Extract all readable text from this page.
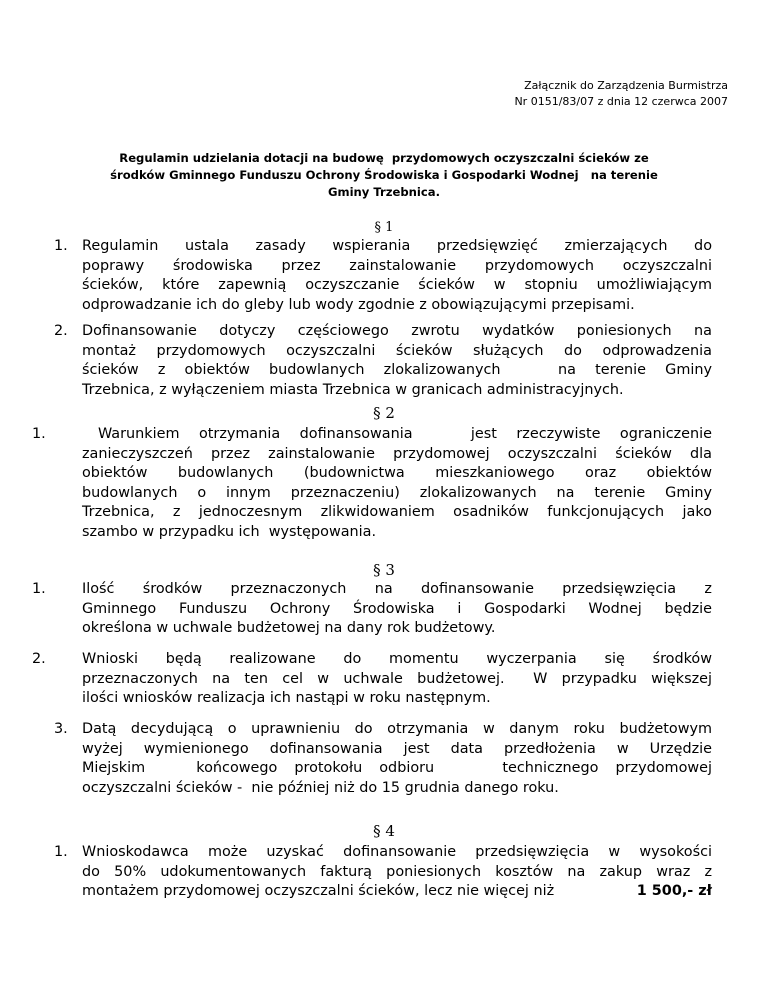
Załącznik do Zarządzenia Burmistrza
Nr 0151/83/07 z dnia 12 czerwca 2007
Regulamin udzielania dotacji na budowę  przydomowych oczyszczalni ścieków ze
środków Gminnego Funduszu Ochrony Środowiska i Gospodarki Wodnej   na terenie
Gminy Trzebnica.
§ 1
1. Regulamin ustala zasady wspierania przedsięwzięć zmierzających do
poprawy środowiska przez zainstalowanie przydomowych oczyszczalni
ścieków, które zapewnią oczyszczanie ścieków w stopniu umożliwiającym
odprowadzanie ich do gleby lub wody zgodnie z obowiązującymi przepisami.
2. Dofinansowanie dotyczy częściowego zwrotu wydatków poniesionych na
montaż przydomowych oczyszczalni ścieków służących do odprowadzenia
ścieków z obiektów budowlanych zlokalizowanych   na terenie Gminy
Trzebnica, z wyłączeniem miasta Trzebnica w granicach administracyjnych.
§ 2
1.	Warunkiem otrzymania dofinansowania   jest rzeczywiste ograniczenie
zanieczyszczeń przez zainstalowanie przydomowej oczyszczalni ścieków dla
obiektów budowlanych (budownictwa mieszkaniowego oraz obiektów
budowlanych o innym przeznaczeniu) zlokalizowanych na terenie Gminy
Trzebnica, z jednoczesnym zlikwidowaniem osadników funkcjonujących jako
szambo w przypadku ich  występowania.
§ 3
1.	Ilość środków przeznaczonych na dofinansowanie przedsięwzięcia z
Gminnego Funduszu Ochrony Środowiska i Gospodarki Wodnej będzie
określona w uchwale budżetowej na dany rok budżetowy.
2.	Wnioski będą realizowane do momentu wyczerpania się środków
przeznaczonych na ten cel w uchwale budżetowej.  W przypadku większej
ilości wniosków realizacja ich nastąpi w roku następnym.
3. Datą decydującą o uprawnieniu do otrzymania w danym roku budżetowym
wyżej wymienionego dofinansowania jest data przedłożenia w Urzędzie
Miejskim   końcowego protokołu odbioru    technicznego przydomowej
oczyszczalni ścieków -  nie później niż do 15 grudnia danego roku.
§ 4
1. Wnioskodawca może uzyskać dofinansowanie przedsięwzięcia w wysokości
do 50% udokumentowanych fakturą poniesionych kosztów na zakup wraz z
montażem przydomowej oczyszczalni ścieków, lecz nie więcej niż	1 500,- zł
